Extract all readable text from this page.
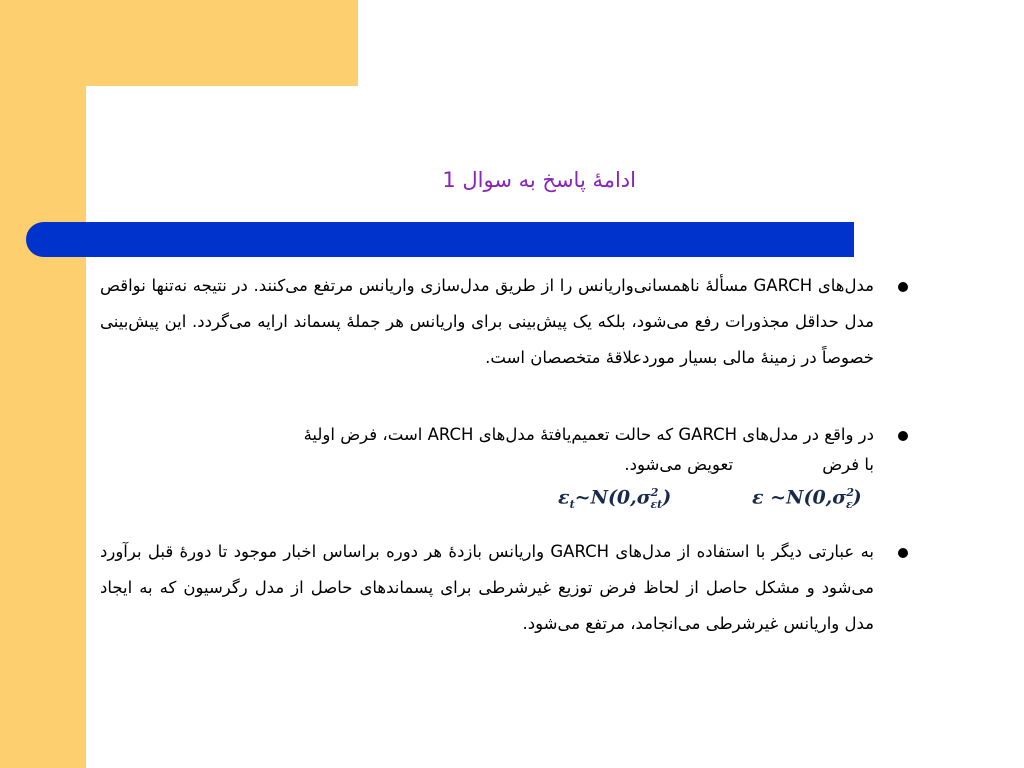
ادامۀ پاسخ به سوال 1
مدل‌های GARCH مسألۀ ناهمسانی‌واریانس را از طریق مدل‌سازی واریانس مرتفع می‌کنند. در نتیجه نه‌تنها نواقص مدل حداقل مجذورات رفع می‌شود، بلکه یک پیش‌بینی برای واریانس هر جملۀ پسماند ارایه می‌گردد. این پیش‌بینی خصوصاً در زمینۀ مالی بسیار موردعلاقۀ متخصصان است.
در واقع در مدل‌های GARCH که حالت تعمیم‌یافتۀ مدل‌های ARCH است، فرض اولیۀ
با فرض                 تعویض می‌شود.
$\varepsilon_t\sim N(0,\sigma^2_{\varepsilon t})$	ε $\sim N(0,\sigma^2_\varepsilon)$
به عبارتی دیگر با استفاده از مدل‌های GARCH واریانس بازدۀ هر دوره براساس اخبار موجود تا دورۀ قبل برآورد می‌شود و مشکل حاصل از لحاظ فرض توزیع غیرشرطی برای پسماندهای حاصل از مدل رگرسیون که به ایجاد مدل واریانس غیرشرطی می‌انجامد، مرتفع می‌شود.
